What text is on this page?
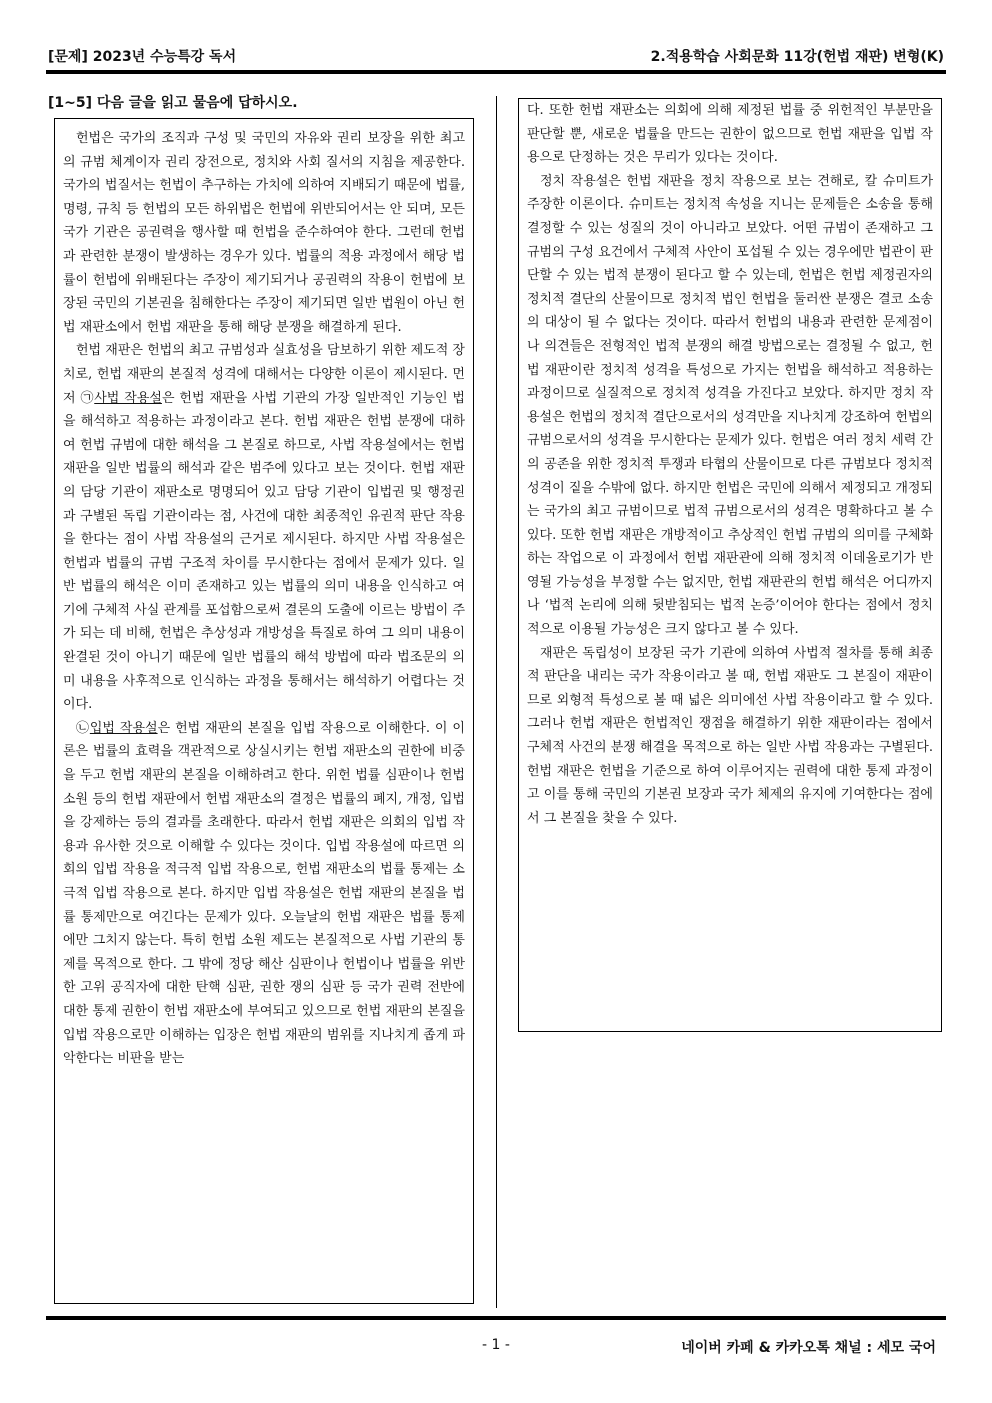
[문제] 2023년 수능특강 독서	2.적용학습 사회문화 11강(헌법 재판) 변형(K)
[1~5] 다음 글을 읽고 물음에 답하시오.

헌법은 국가의 조직과 구성 및 국민의 자유와 권리 보장을 위한 최고의 규범 체계이자 권리 장전으로, 정치와 사회 질서의 지침을 제공한다. 국가의 법질서는 헌법이 추구하는 가치에 의하여 지배되기 때문에 법률, 명령, 규칙 등 헌법의 모든 하위법은 헌법에 위반되어서는 안 되며, 모든 국가 기관은 공권력을 행사할 때 헌법을 준수하여야 한다. 그런데 헌법과 관련한 분쟁이 발생하는 경우가 있다. 법률의 적용 과정에서 해당 법률이 헌법에 위배된다는 주장이 제기되거나 공권력의 작용이 헌법에 보장된 국민의 기본권을 침해한다는 주장이 제기되면 일반 법원이 아닌 헌법 재판소에서 헌법 재판을 통해 해당 분쟁을 해결하게 된다.

헌법 재판은 헌법의 최고 규범성과 실효성을 담보하기 위한 제도적 장치로, 헌법 재판의 본질적 성격에 대해서는 다양한 이론이 제시된다. 먼저 ㉠사법 작용설은 헌법 재판을 사법 기관의 가장 일반적인 기능인 법을 해석하고 적용하는 과정이라고 본다. 헌법 재판은 헌법 분쟁에 대하여 헌법 규범에 대한 해석을 그 본질로 하므로, 사법 작용설에서는 헌법 재판을 일반 법률의 해석과 같은 범주에 있다고 보는 것이다. 헌법 재판의 담당 기관이 재판소로 명명되어 있고 담당 기관이 입법권 및 행정권과 구별된 독립 기관이라는 점, 사건에 대한 최종적인 유권적 판단 작용을 한다는 점이 사법 작용설의 근거로 제시된다. 하지만 사법 작용설은 헌법과 법률의 규범 구조적 차이를 무시한다는 점에서 문제가 있다. 일반 법률의 해석은 이미 존재하고 있는 법률의 의미 내용을 인식하고 여기에 구체적 사실 관계를 포섭함으로써 결론의 도출에 이르는 방법이 주가 되는 데 비해, 헌법은 추상성과 개방성을 특질로 하여 그 의미 내용이 완결된 것이 아니기 때문에 일반 법률의 해석 방법에 따라 법조문의 의미 내용을 사후적으로 인식하는 과정을 통해서는 해석하기 어렵다는 것이다.

㉡입법 작용설은 헌법 재판의 본질을 입법 작용으로 이해한다. 이 이론은 법률의 효력을 객관적으로 상실시키는 헌법 재판소의 권한에 비중을 두고 헌법 재판의 본질을 이해하려고 한다. 위헌 법률 심판이나 헌법 소원 등의 헌법 재판에서 헌법 재판소의 결정은 법률의 폐지, 개정, 입법을 강제하는 등의 결과를 초래한다. 따라서 헌법 재판은 의회의 입법 작용과 유사한 것으로 이해할 수 있다는 것이다. 입법 작용설에 따르면 의회의 입법 작용을 적극적 입법 작용으로, 헌법 재판소의 법률 통제는 소극적 입법 작용으로 본다. 하지만 입법 작용설은 헌법 재판의 본질을 법률 통제만으로 여긴다는 문제가 있다. 오늘날의 헌법 재판은 법률 통제에만 그치지 않는다. 특히 헌법 소원 제도는 본질적으로 사법 기관의 통제를 목적으로 한다. 그 밖에 정당 해산 심판이나 헌법이나 법률을 위반한 고위 공직자에 대한 탄핵 심판, 권한 쟁의 심판 등 국가 권력 전반에 대한 통제 권한이 헌법 재판소에 부여되고 있으므로 헌법 재판의 본질을 입법 작용으로만 이해하는 입장은 헌법 재판의 범위를 지나치게 좁게 파악한다는 비판을 받는

다. 또한 헌법 재판소는 의회에 의해 제정된 법률 중 위헌적인 부분만을 판단할 뿐, 새로운 법률을 만드는 권한이 없으므로 헌법 재판을 입법 작용으로 단정하는 것은 무리가 있다는 것이다.

정치 작용설은 헌법 재판을 정치 작용으로 보는 견해로, 칼 슈미트가 주장한 이론이다. 슈미트는 정치적 속성을 지니는 문제들은 소송을 통해 결정할 수 있는 성질의 것이 아니라고 보았다. 어떤 규범이 존재하고 그 규범의 구성 요건에서 구체적 사안이 포섭될 수 있는 경우에만 법관이 판단할 수 있는 법적 분쟁이 된다고 할 수 있는데, 헌법은 헌법 제정권자의 정치적 결단의 산물이므로 정치적 법인 헌법을 둘러싼 분쟁은 결코 소송의 대상이 될 수 없다는 것이다. 따라서 헌법의 내용과 관련한 문제점이나 의견들은 전형적인 법적 분쟁의 해결 방법으로는 결정될 수 없고, 헌법 재판이란 정치적 성격을 특성으로 가지는 헌법을 해석하고 적용하는 과정이므로 실질적으로 정치적 성격을 가진다고 보았다. 하지만 정치 작용설은 헌법의 정치적 결단으로서의 성격만을 지나치게 강조하여 헌법의 규범으로서의 성격을 무시한다는 문제가 있다. 헌법은 여러 정치 세력 간의 공존을 위한 정치적 투쟁과 타협의 산물이므로 다른 규범보다 정치적 성격이 짙을 수밖에 없다. 하지만 헌법은 국민에 의해서 제정되고 개정되는 국가의 최고 규범이므로 법적 규범으로서의 성격은 명확하다고 볼 수 있다. 또한 헌법 재판은 개방적이고 추상적인 헌법 규범의 의미를 구체화하는 작업으로 이 과정에서 헌법 재판관에 의해 정치적 이데올로기가 반영될 가능성을 부정할 수는 없지만, 헌법 재판관의 헌법 해석은 어디까지나 ‘법적 논리에 의해 뒷받침되는 법적 논증’이어야 한다는 점에서 정치적으로 이용될 가능성은 크지 않다고 볼 수 있다.

재판은 독립성이 보장된 국가 기관에 의하여 사법적 절차를 통해 최종적 판단을 내리는 국가 작용이라고 볼 때, 헌법 재판도 그 본질이 재판이므로 외형적 특성으로 볼 때 넓은 의미에선 사법 작용이라고 할 수 있다. 그러나 헌법 재판은 헌법적인 쟁점을 해결하기 위한 재판이라는 점에서 구체적 사건의 분쟁 해결을 목적으로 하는 일반 사법 작용과는 구별된다. 헌법 재판은 헌법을 기준으로 하여 이루어지는 권력에 대한 통제 과정이고 이를 통해 국민의 기본권 보장과 국가 체제의 유지에 기여한다는 점에서 그 본질을 찾을 수 있다.

- 1 -	네이버 카페 & 카카오톡 채널 : 세모 국어
